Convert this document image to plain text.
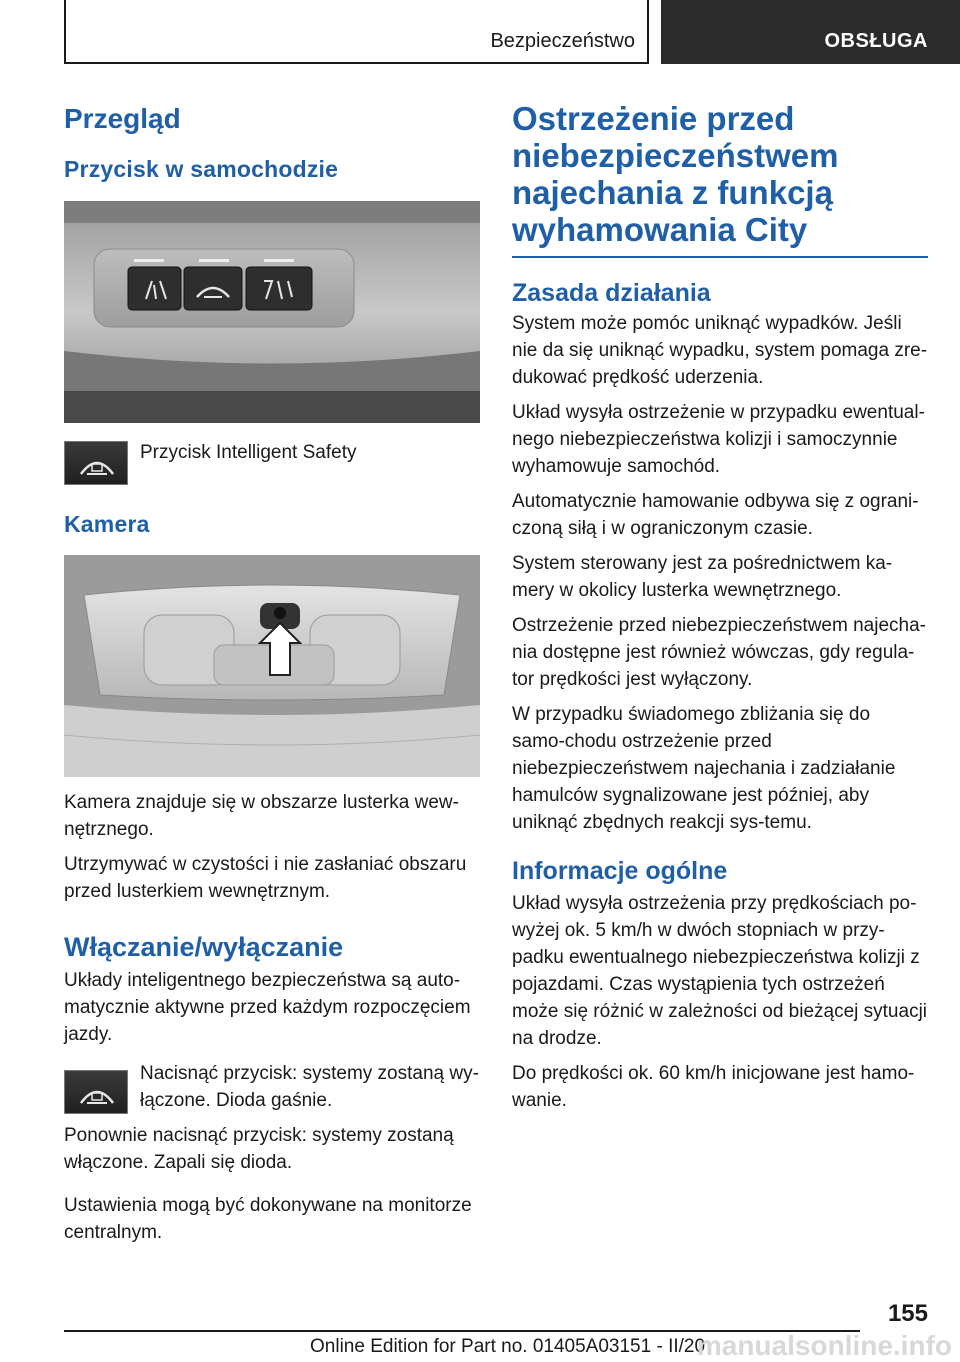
Bezpieczeństwo	OBSŁUGA
Przegląd
Przycisk w samochodzie
Przycisk Intelligent Safety
Kamera
Kamera znajduje się w obszarze lusterka wew-nętrznego.
Utrzymywać w czystości i nie zasłaniać obszaru przed lusterkiem wewnętrznym.
Włączanie/wyłączanie
Układy inteligentnego bezpieczeństwa są auto-matycznie aktywne przed każdym rozpoczęciem jazdy.
Nacisnąć przycisk: systemy zostaną wy-łączone. Dioda gaśnie.
Ponownie nacisnąć przycisk: systemy zostaną włączone. Zapali się dioda.
Ustawienia mogą być dokonywane na monitorze centralnym.
Ostrzeżenie przed
niebezpieczeństwem
najechania z funkcją
wyhamowania City
Zasada działania
System może pomóc uniknąć wypadków. Jeśli nie da się uniknąć wypadku, system pomaga zre-dukować prędkość uderzenia.
Układ wysyła ostrzeżenie w przypadku ewentual-nego niebezpieczeństwa kolizji i samoczynnie wyhamowuje samochód.
Automatycznie hamowanie odbywa się z ograni-czoną siłą i w ograniczonym czasie.
System sterowany jest za pośrednictwem ka-mery w okolicy lusterka wewnętrznego.
Ostrzeżenie przed niebezpieczeństwem najecha-nia dostępne jest również wówczas, gdy regula-tor prędkości jest wyłączony.
W przypadku świadomego zbliżania się do samo-chodu ostrzeżenie przed niebezpieczeństwem najechania i zadziałanie hamulców sygnalizowane jest później, aby uniknąć zbędnych reakcji sys-temu.
Informacje ogólne
Układ wysyła ostrzeżenia przy prędkościach po-wyżej ok. 5 km/h w dwóch stopniach w przy-padku ewentualnego niebezpieczeństwa kolizji z pojazdami. Czas wystąpienia tych ostrzeżeń może się różnić w zależności od bieżącej sytuacji na drodze.
Do prędkości ok. 60 km/h inicjowane jest hamo-wanie.
155
Online Edition for Part no. 01405A03151 - II/20
manualsonline.info
